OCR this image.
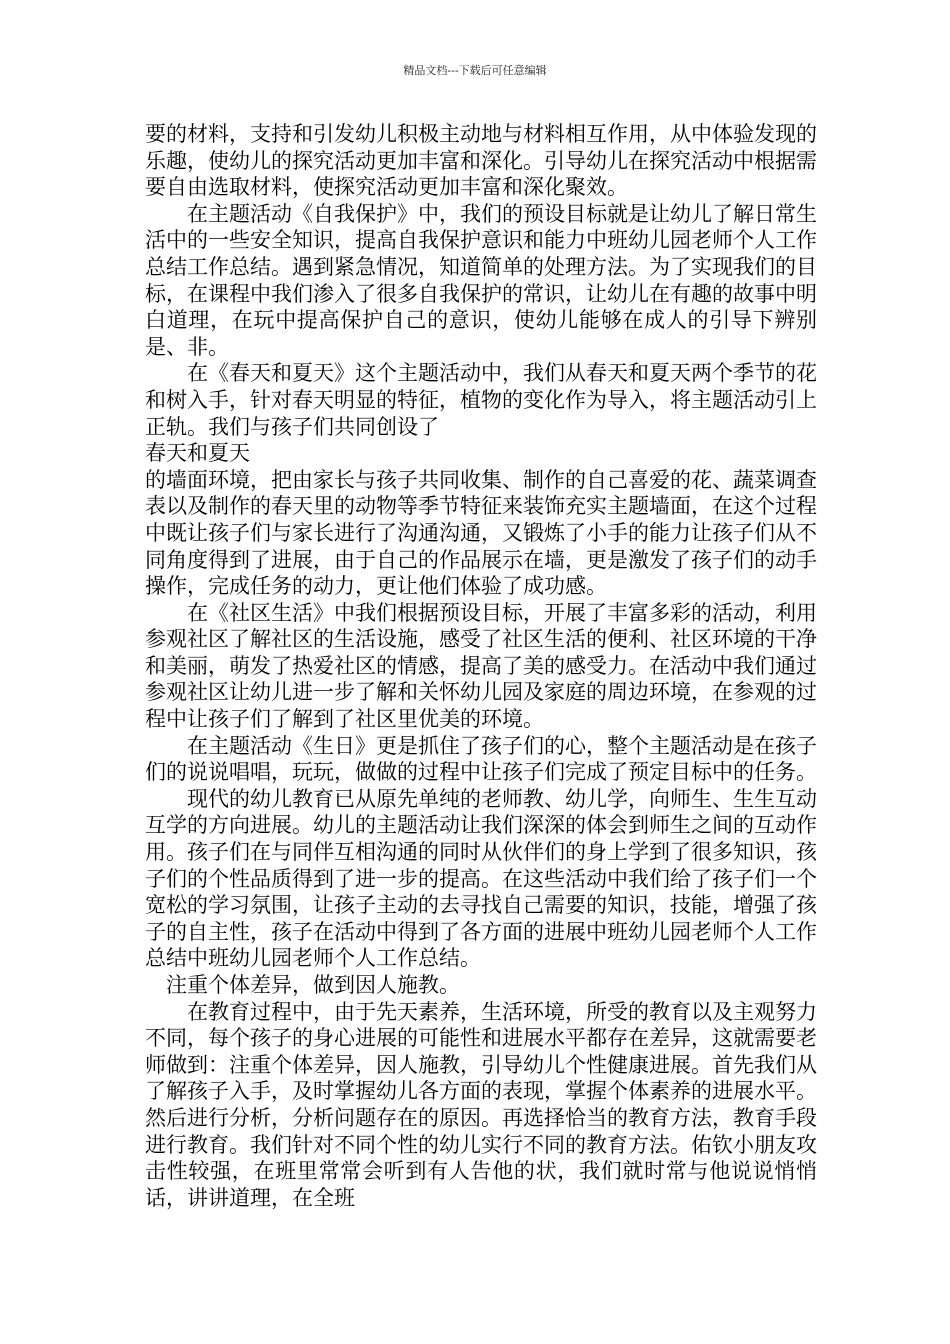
精品文档---下载后可任意编辑

要的材料，支持和引发幼儿积极主动地与材料相互作用，从中体验发现的乐趣，使幼儿的探究活动更加丰富和深化。引导幼儿在探究活动中根据需要自由选取材料，使探究活动更加丰富和深化聚效。

在主题活动《自我保护》中，我们的预设目标就是让幼儿了解日常生活中的一些安全知识，提高自我保护意识和能力中班幼儿园老师个人工作总结工作总结。遇到紧急情况，知道简单的处理方法。为了实现我们的目标，在课程中我们渗入了很多自我保护的常识，让幼儿在有趣的故事中明白道理，在玩中提高保护自己的意识，使幼儿能够在成人的引导下辨别是、非。

在《春天和夏天》这个主题活动中，我们从春天和夏天两个季节的花和树入手，针对春天明显的特征，植物的变化作为导入，将主题活动引上正轨。我们与孩子们共同创设了

春天和夏天

的墙面环境，把由家长与孩子共同收集、制作的自己喜爱的花、蔬菜调查表以及制作的春天里的动物等季节特征来装饰充实主题墙面，在这个过程中既让孩子们与家长进行了沟通沟通，又锻炼了小手的能力让孩子们从不同角度得到了进展，由于自己的作品展示在墙，更是激发了孩子们的动手操作，完成任务的动力，更让他们体验了成功感。

在《社区生活》中我们根据预设目标，开展了丰富多彩的活动，利用参观社区了解社区的生活设施，感受了社区生活的便利、社区环境的干净和美丽，萌发了热爱社区的情感，提高了美的感受力。在活动中我们通过参观社区让幼儿进一步了解和关怀幼儿园及家庭的周边环境，在参观的过程中让孩子们了解到了社区里优美的环境。

在主题活动《生日》更是抓住了孩子们的心，整个主题活动是在孩子们的说说唱唱，玩玩，做做的过程中让孩子们完成了预定目标中的任务。

现代的幼儿教育已从原先单纯的老师教、幼儿学，向师生、生生互动互学的方向进展。幼儿的主题活动让我们深深的体会到师生之间的互动作用。孩子们在与同伴互相沟通的同时从伙伴们的身上学到了很多知识，孩子们的个性品质得到了进一步的提高。在这些活动中我们给了孩子们一个宽松的学习氛围，让孩子主动的去寻找自己需要的知识，技能，增强了孩子的自主性，孩子在活动中得到了各方面的进展中班幼儿园老师个人工作总结中班幼儿园老师个人工作总结。

注重个体差异，做到因人施教。

在教育过程中，由于先天素养，生活环境，所受的教育以及主观努力不同，每个孩子的身心进展的可能性和进展水平都存在差异，这就需要老师做到：注重个体差异，因人施教，引导幼儿个性健康进展。首先我们从了解孩子入手，及时掌握幼儿各方面的表现，掌握个体素养的进展水平。然后进行分析，分析问题存在的原因。再选择恰当的教育方法，教育手段进行教育。我们针对不同个性的幼儿实行不同的教育方法。佑钦小朋友攻击性较强，在班里常常会听到有人告他的状，我们就时常与他说说悄悄话，讲讲道理，在全班
